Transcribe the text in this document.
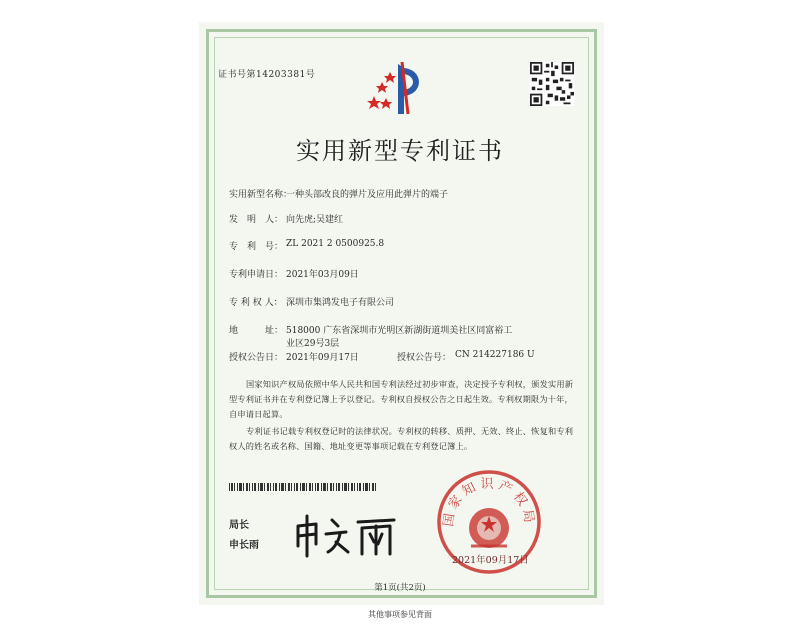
证书号第14203381号
实用新型专利证书
实用新型名称：
一种头部改良的弹片及应用此弹片的端子
发　明　人： 向先虎;吴建红
专　利　号： ZL 2021 2 0500925.8
专利申请日： 2021年03月09日
专 利 权 人： 深圳市集鸿发电子有限公司
地　　　址： 518000 广东省深圳市光明区新湖街道圳美社区同富裕工
业区29号3层
授权公告日： 2021年09月17日	授权公告号： CN 214227186 U
国家知识产权局依照中华人民共和国专利法经过初步审查，决定授予专利权，颁发实用新型专利证书并在专利登记簿上予以登记。专利权自授权公告之日起生效。专利权期限为十年，自申请日起算。
专利证书记载专利权登记时的法律状况。专利权的转移、质押、无效、终止、恢复和专利权人的姓名或名称、国籍、地址变更等事项记载在专利登记簿上。
局长
申长雨
国家知识产权局
2021年09月17日
第1页(共2页)
其他事项参见背面
